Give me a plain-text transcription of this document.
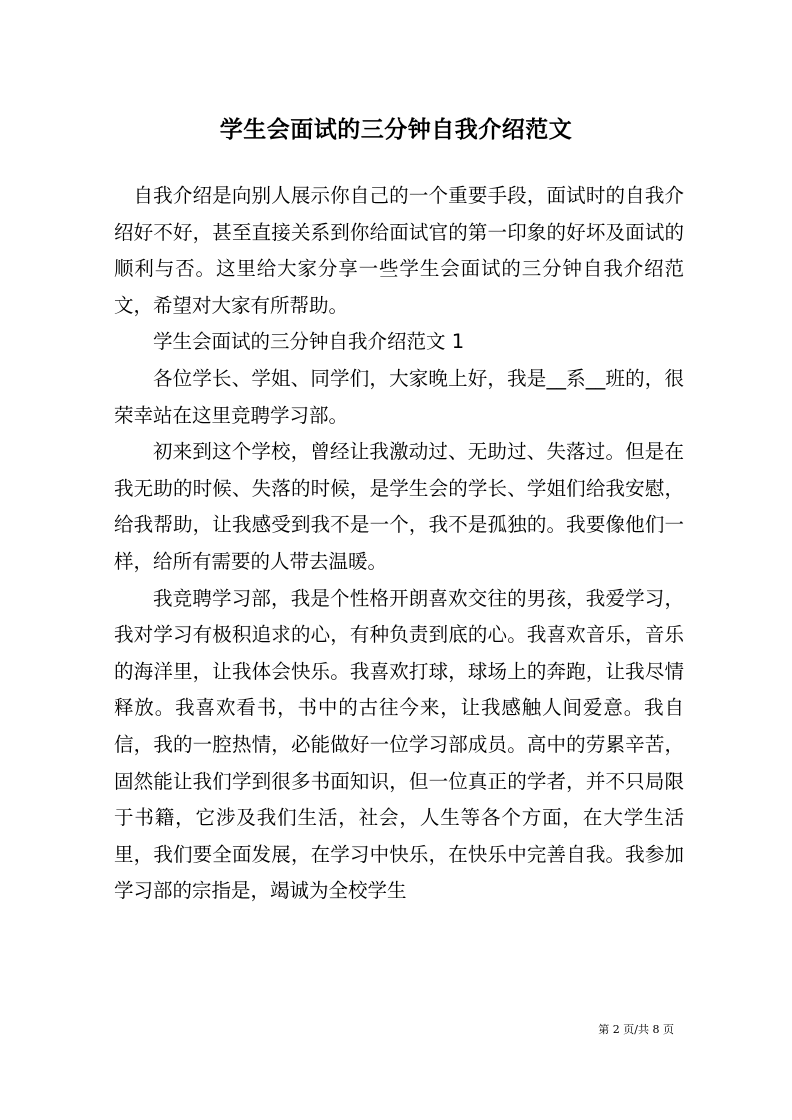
学生会面试的三分钟自我介绍范文

自我介绍是向别人展示你自己的一个重要手段，面试时的自我介绍好不好，甚至直接关系到你给面试官的第一印象的好坏及面试的顺利与否。这里给大家分享一些学生会面试的三分钟自我介绍范文，希望对大家有所帮助。

学生会面试的三分钟自我介绍范文 1

各位学长、学姐、同学们，大家晚上好，我是__系__班的，很荣幸站在这里竞聘学习部。

初来到这个学校，曾经让我激动过、无助过、失落过。但是在我无助的时候、失落的时候，是学生会的学长、学姐们给我安慰，给我帮助，让我感受到我不是一个，我不是孤独的。我要像他们一样，给所有需要的人带去温暖。

我竞聘学习部，我是个性格开朗喜欢交往的男孩，我爱学习，我对学习有极积追求的心，有种负责到底的心。我喜欢音乐，音乐的海洋里，让我体会快乐。我喜欢打球，球场上的奔跑，让我尽情释放。我喜欢看书，书中的古往今来，让我感触人间爱意。我自信，我的一腔热情，必能做好一位学习部成员。高中的劳累辛苦，固然能让我们学到很多书面知识，但一位真正的学者，并不只局限于书籍，它涉及我们生活，社会，人生等各个方面，在大学生活里，我们要全面发展，在学习中快乐，在快乐中完善自我。我参加学习部的宗指是，竭诚为全校学生

第 2 页/共 8 页
